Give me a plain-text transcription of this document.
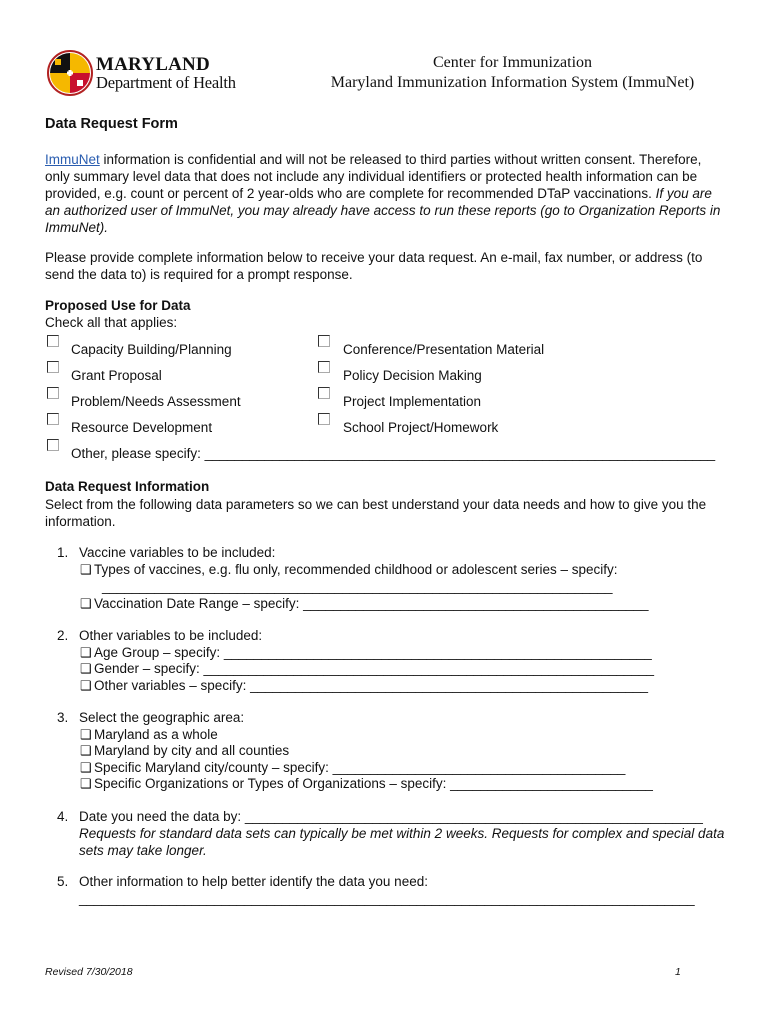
MARYLAND
Department of Health
Center for Immunization
Maryland Immunization Information System (ImmuNet)
Data Request Form
ImmuNet information is confidential and will not be released to third parties without written consent. Therefore, only summary level data that does not include any individual identifiers or protected health information can be provided, e.g. count or percent of 2 year-olds who are complete for recommended DTaP vaccinations. If you are an authorized user of ImmuNet, you may already have access to run these reports (go to Organization Reports in ImmuNet).
Please provide complete information below to receive your data request. An e-mail, fax number, or address (to send the data to) is required for a prompt response.
Proposed Use for Data
Check all that applies:
Capacity Building/Planning
Grant Proposal
Problem/Needs Assessment
Resource Development
Conference/Presentation Material
Policy Decision Making
Project Implementation
School Project/Homework
Other, please specify: ____________________________________________________________________
Data Request Information
Select from the following data parameters so we can best understand your data needs and how to give you the information.
1. Vaccine variables to be included:
❑ Types of vaccines, e.g. flu only, recommended childhood or adolescent series – specify:
____________________________________________________________________
❑ Vaccination Date Range – specify: ______________________________________________
2. Other variables to be included:
❑ Age Group – specify: _________________________________________________________
❑ Gender – specify: ____________________________________________________________
❑ Other variables – specify: _____________________________________________________
3. Select the geographic area:
❑ Maryland as a whole
❑ Maryland by city and all counties
❑ Specific Maryland city/county – specify: _______________________________________
❑ Specific Organizations or Types of Organizations – specify: ___________________________
4. Date you need the data by: _____________________________________________________________
Requests for standard data sets can typically be met within 2 weeks. Requests for complex and special data sets may take longer.
5. Other information to help better identify the data you need:
__________________________________________________________________________________
Revised 7/30/2018	1
